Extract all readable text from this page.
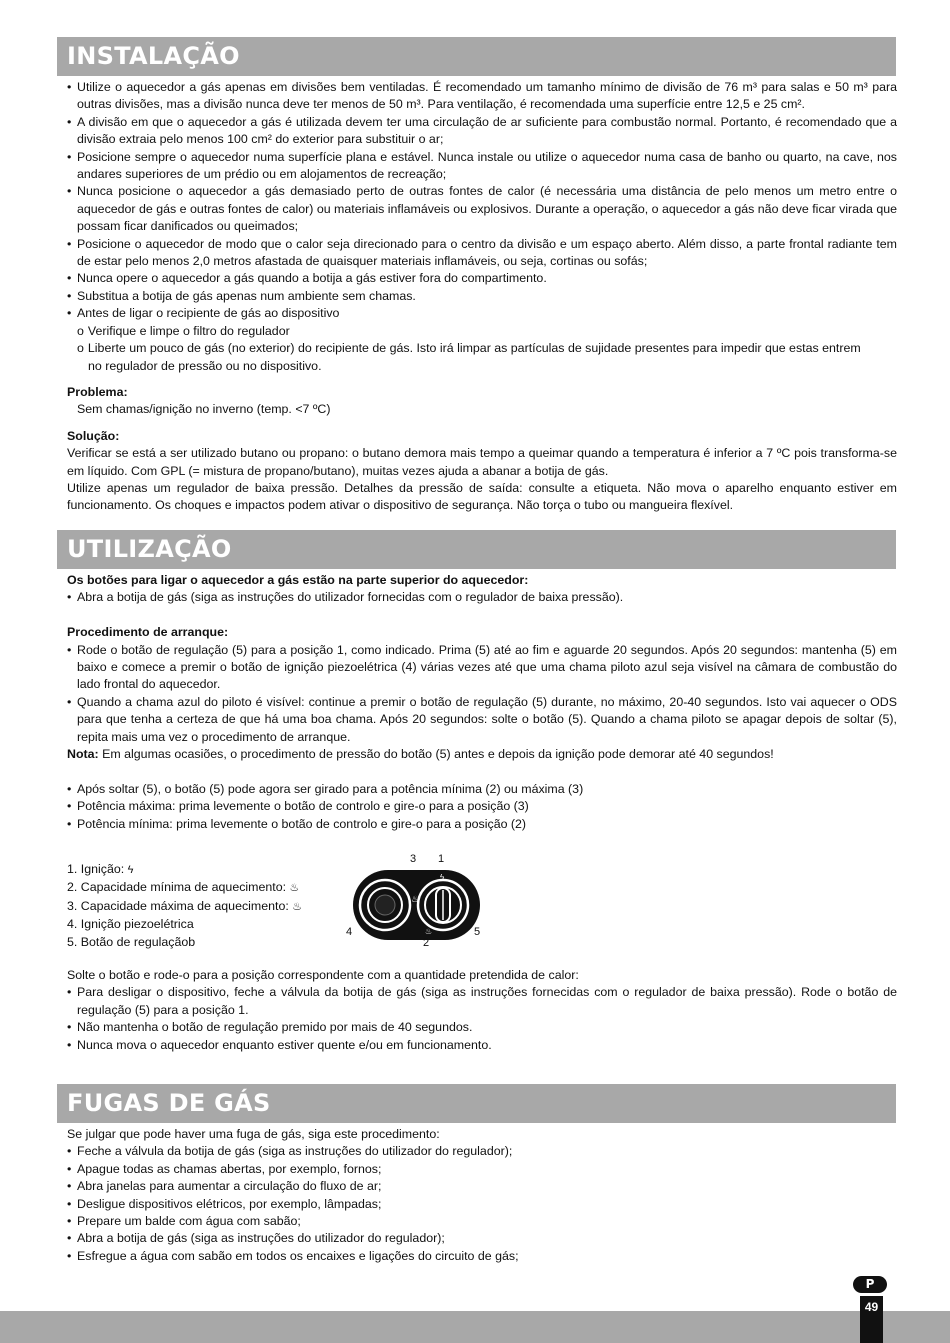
INSTALAÇÃO
• Utilize o aquecedor a gás apenas em divisões bem ventiladas. É recomendado um tamanho mínimo de divisão de 76 m³ para salas e 50 m³ para outras divisões, mas a divisão nunca deve ter menos de 50 m³. Para ventilação, é recomendada uma superfície entre 12,5 e 25 cm².
• A divisão em que o aquecedor a gás é utilizada devem ter uma circulação de ar suficiente para combustão normal. Portanto, é recomendado que a divisão extraia pelo menos 100 cm² do exterior para substituir o ar;
• Posicione sempre o aquecedor numa superfície plana e estável. Nunca instale ou utilize o aquecedor numa casa de banho ou quarto, na cave, nos andares superiores de um prédio ou em alojamentos de recreação;
• Nunca posicione o aquecedor a gás demasiado perto de outras fontes de calor (é necessária uma distância de pelo menos um metro entre o aquecedor de gás e outras fontes de calor) ou materiais inflamáveis ou explosivos. Durante a operação, o aquecedor a gás não deve ficar virada que possam ficar danificados ou queimados;
• Posicione o aquecedor de modo que o calor seja direcionado para o centro da divisão e um espaço aberto. Além disso, a parte frontal radiante tem de estar pelo menos 2,0 metros afastada de quaisquer materiais inflamáveis, ou seja, cortinas ou sofás;
• Nunca opere o aquecedor a gás quando a botija a gás estiver fora do compartimento.
• Substitua a botija de gás apenas num ambiente sem chamas.
• Antes de ligar o recipiente de gás ao dispositivo
o Verifique e limpe o filtro do regulador
o Liberte um pouco de gás (no exterior) do recipiente de gás. Isto irá limpar as partículas de sujidade presentes para impedir que estas entrem
no regulador de pressão ou no dispositivo.
Problema:
Sem chamas/ignição no inverno (temp. <7 ºC)
Solução:
Verificar se está a ser utilizado butano ou propano: o butano demora mais tempo a queimar quando a temperatura é inferior a 7 ºC pois transforma-se em líquido. Com GPL (= mistura de propano/butano), muitas vezes ajuda a abanar a botija de gás.
Utilize apenas um regulador de baixa pressão. Detalhes da pressão de saída: consulte a etiqueta. Não mova o aparelho enquanto estiver em funcionamento. Os choques e impactos podem ativar o dispositivo de segurança. Não torça o tubo ou mangueira flexível.
UTILIZAÇÃO
Os botões para ligar o aquecedor a gás estão na parte superior do aquecedor:
• Abra a botija de gás (siga as instruções do utilizador fornecidas com o regulador de baixa pressão).
Procedimento de arranque:
• Rode o botão de regulação (5) para a posição 1, como indicado. Prima (5) até ao fim e aguarde 20 segundos. Após 20 segundos: mantenha (5) em baixo e comece a premir o botão de ignição piezoelétrica (4) várias vezes até que uma chama piloto azul seja visível na câmara de combustão do lado frontal do aquecedor.
• Quando a chama azul do piloto é visível: continue a premir o botão de regulação (5) durante, no máximo, 20-40 segundos. Isto vai aquecer o ODS para que tenha a certeza de que há uma boa chama. Após 20 segundos: solte o botão (5). Quando a chama piloto se apagar depois de soltar (5), repita mais uma vez o procedimento de arranque.
Nota: Em algumas ocasiões, o procedimento de pressão do botão (5) antes e depois da ignição pode demorar até 40 segundos!
• Após soltar (5), o botão (5) pode agora ser girado para a potência mínima (2) ou máxima (3)
• Potência máxima: prima levemente o botão de controlo e gire-o para a posição (3)
• Potência mínima: prima levemente o botão de controlo e gire-o para a posição (2)
1. Ignição: ϟ
2. Capacidade mínima de aquecimento: ♨
3. Capacidade máxima de aquecimento: ♨
4. Ignição piezoelétrica
5. Botão de regulaçãob
♨
ϟ
♨
3 1
4
2
5
Solte o botão e rode-o para a posição correspondente com a quantidade pretendida de calor:
• Para desligar o dispositivo, feche a válvula da botija de gás (siga as instruções fornecidas com o regulador de baixa pressão). Rode o botão de regulação (5) para a posição 1.
• Não mantenha o botão de regulação premido por mais de 40 segundos.
• Nunca mova o aquecedor enquanto estiver quente e/ou em funcionamento.
FUGAS DE GÁS
Se julgar que pode haver uma fuga de gás, siga este procedimento:
• Feche a válvula da botija de gás (siga as instruções do utilizador do regulador);
• Apague todas as chamas abertas, por exemplo, fornos;
• Abra janelas para aumentar a circulação do fluxo de ar;
• Desligue dispositivos elétricos, por exemplo, lâmpadas;
• Prepare um balde com água com sabão;
• Abra a botija de gás (siga as instruções do utilizador do regulador);
• Esfregue a água com sabão em todos os encaixes e ligações do circuito de gás;
P
49
